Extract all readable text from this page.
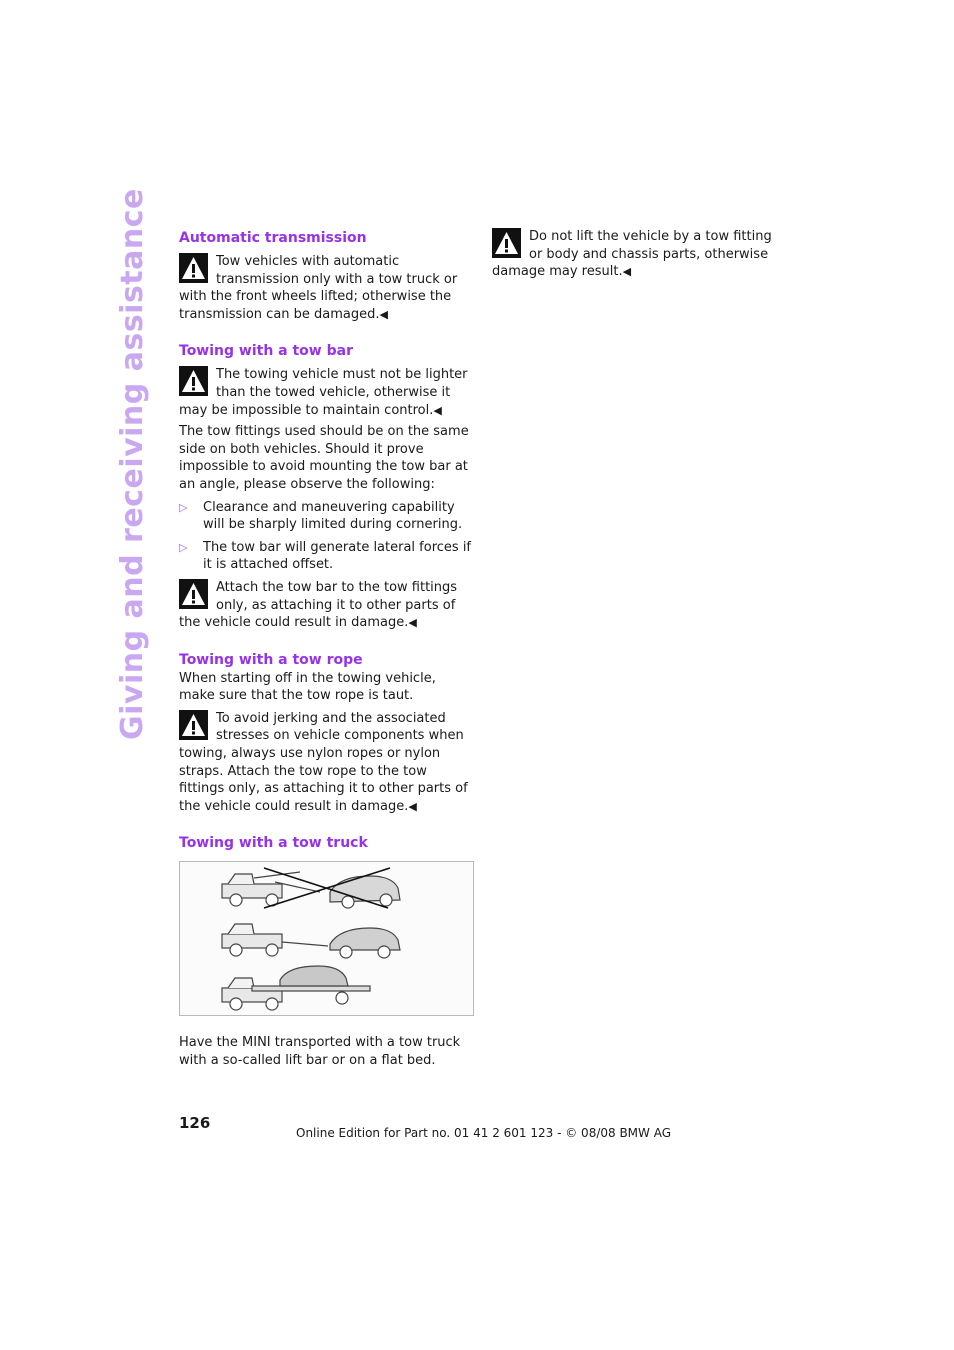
Giving and receiving assistance Automatic transmission
Tow vehicles with automatic transmission only with a tow truck or with the front wheels lifted; otherwise the transmission can be damaged.◀
Towing with a tow bar
The towing vehicle must not be lighter than the towed vehicle, otherwise it may be impossible to maintain control.◀

The tow fittings used should be on the same side on both vehicles. Should it prove impossible to avoid mounting the tow bar at an angle, please observe the following:

▷	Clearance and maneuvering capability will be sharply limited during cornering.
▷	The tow bar will generate lateral forces if it is attached offset.
Attach the tow bar to the tow fittings only, as attaching it to other parts of the vehicle could result in damage.◀
Towing with a tow rope

When starting off in the towing vehicle, make sure that the tow rope is taut.

To avoid jerking and the associated stresses on vehicle components when towing, always use nylon ropes or nylon straps. Attach the tow rope to the tow fittings only, as attaching it to other parts of the vehicle could result in damage.◀
Towing with a tow truck

Have the MINI transported with a tow truck with a so-called lift bar or on a flat bed.

Do not lift the vehicle by a tow fitting or body and chassis parts, otherwise damage may result.◀
126
Online Edition for Part no. 01 41 2 601 123 - © 08/08 BMW AG
